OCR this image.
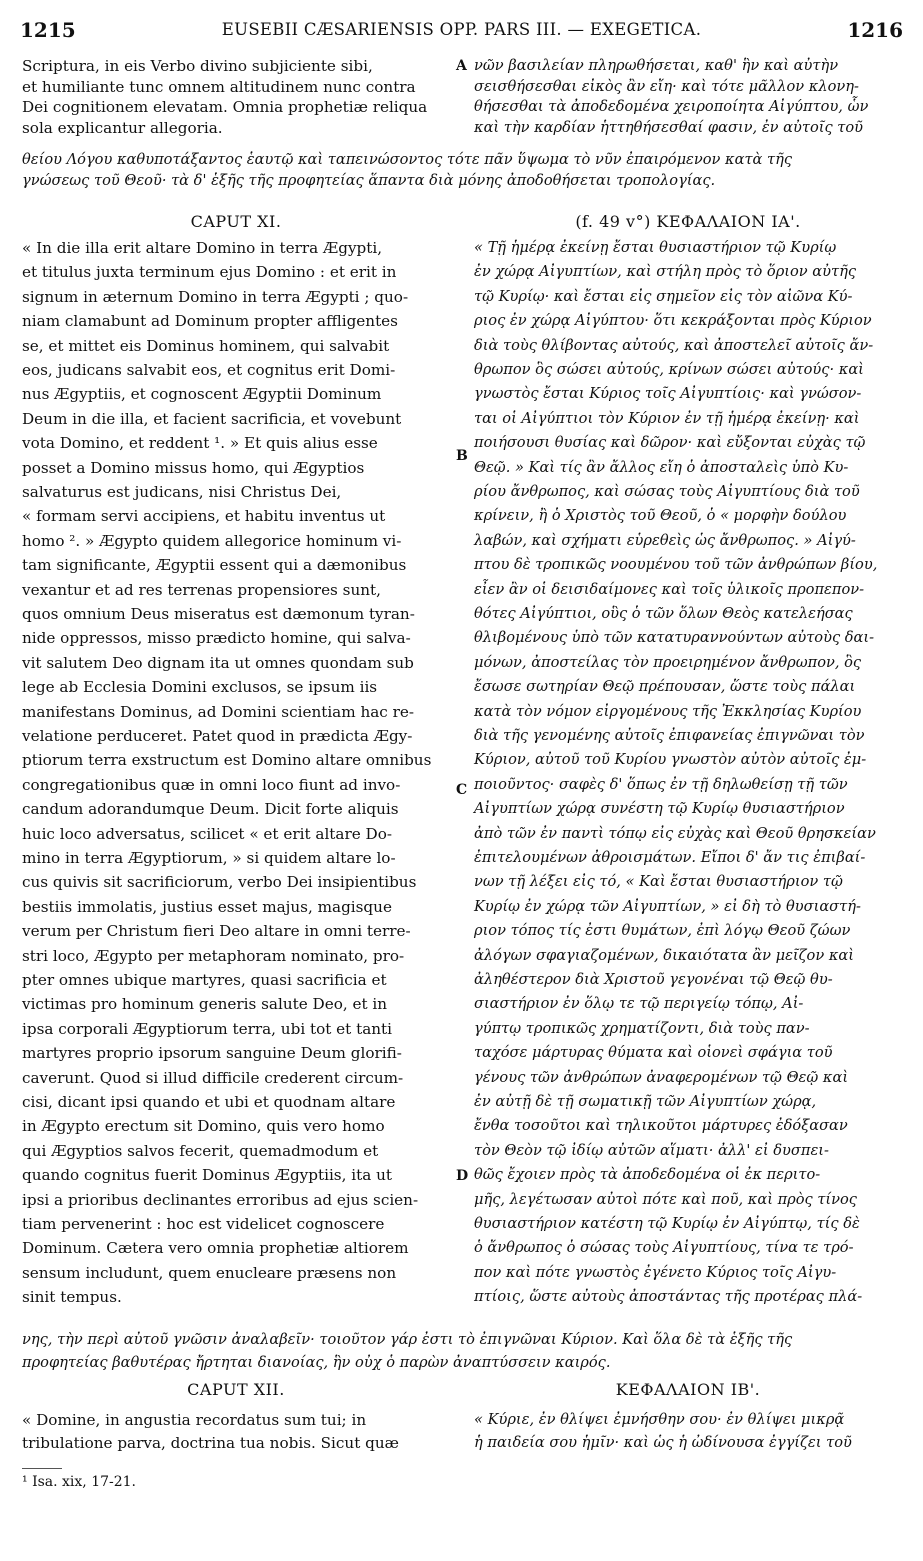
1215	EUSEBII CÆSARIENSIS OPP. PARS III. — EXEGETICA.	1216
Scriptura, in eis Verbo divino subjiciente sibi,
et humiliante tunc omnem altitudinem nunc contra
Dei cognitionem elevatam. Omnia prophetiæ reliqua
sola explicantur allegoria.
νῶν βασιλείαν πληρωθήσεται, καθ' ἣν καὶ αὐτὴν
σεισθήσεσθαι εἰκὸς ἂν εἴη· καὶ τότε μᾶλλον κλονη-
θήσεσθαι τὰ ἀποδεδομένα χειροποίητα Αἰγύπτου, ὧν
καὶ τὴν καρδίαν ἡττηθήσεσθαί φασιν, ἐν αὐτοῖς τοῦ
θείου Λόγου καθυποτάξαντος ἑαυτῷ καὶ ταπεινώσοντος τότε πᾶν ὕψωμα τὸ νῦν ἐπαιρόμενον κατὰ τῆς
γνώσεως τοῦ Θεοῦ· τὰ δ' ἑξῆς τῆς προφητείας ἅπαντα διὰ μόνης ἀποδοθήσεται τροπολογίας.
« In die illa erit altare Domino in terra Ægypti,
et titulus juxta terminum ejus Domino : et erit in
signum in æternum Domino in terra Ægypti ; quo-
niam clamabunt ad Dominum propter affligentes
se, et mittet eis Dominus hominem, qui salvabit
eos, judicans salvabit eos, et cognitus erit Domi-
nus Ægyptiis, et cognoscent Ægyptii Dominum
Deum in die illa, et facient sacrificia, et vovebunt
vota Domino, et reddent ¹. » Et quis alius esse
posset a Domino missus homo, qui Ægyptios
salvaturus est judicans, nisi Christus Dei,
« formam servi accipiens, et habitu inventus ut
homo ². » Ægypto quidem allegorice hominum vi-
tam significante, Ægyptii essent qui a dæmonibus
vexantur et ad res terrenas propensiores sunt,
quos omnium Deus miseratus est dæmonum tyran-
nide oppressos, misso prædicto homine, qui salva-
vit salutem Deo dignam ita ut omnes quondam sub
lege ab Ecclesia Domini exclusos, se ipsum iis
manifestans Dominus, ad Domini scientiam hac re-
velatione perduceret. Patet quod in prædicta Ægy-
ptiorum terra exstructum est Domino altare omnibus
congregationibus quæ in omni loco fiunt ad invo-
candum adorandumque Deum. Dicit forte aliquis
huic loco adversatus, scilicet « et erit altare Do-
mino in terra Ægyptiorum, » si quidem altare lo-
cus quivis sit sacrificiorum, verbo Dei insipientibus
bestiis immolatis, justius esset majus, magisque
verum per Christum fieri Deo altare in omni terre-
stri loco, Ægypto per metaphoram nominato, pro-
pter omnes ubique martyres, quasi sacrificia et
victimas pro hominum generis salute Deo, et in
ipsa corporali Ægyptiorum terra, ubi tot et tanti
martyres proprio ipsorum sanguine Deum glorifi-
caverunt. Quod si illud difficile crederent circum-
cisi, dicant ipsi quando et ubi et quodnam altare
in Ægypto erectum sit Domino, quis vero homo
qui Ægyptios salvos fecerit, quemadmodum et
quando cognitus fuerit Dominus Ægyptiis, ita ut
ipsi a prioribus declinantes erroribus ad ejus scien-
tiam pervenerint : hoc est videlicet cognoscere
Dominum. Cætera vero omnia prophetiæ altiorem
sensum includunt, quem enucleare præsens non
sinit tempus.
« Τῇ ἡμέρᾳ ἐκείνῃ ἔσται θυσιαστήριον τῷ Κυρίῳ
ἐν χώρᾳ Αἰγυπτίων, καὶ στήλη πρὸς τὸ ὅριον αὐτῆς
τῷ Κυρίῳ· καὶ ἔσται εἰς σημεῖον εἰς τὸν αἰῶνα Κύ-
ριος ἐν χώρᾳ Αἰγύπτου· ὅτι κεκράξονται πρὸς Κύριον
διὰ τοὺς θλίβοντας αὐτούς, καὶ ἀποστελεῖ αὐτοῖς ἄν-
θρωπον ὃς σώσει αὐτούς, κρίνων σώσει αὐτούς· καὶ
γνωστὸς ἔσται Κύριος τοῖς Αἰγυπτίοις· καὶ γνώσον-
ται οἱ Αἰγύπτιοι τὸν Κύριον ἐν τῇ ἡμέρᾳ ἐκείνῃ· καὶ
ποιήσουσι θυσίας καὶ δῶρον· καὶ εὔξονται εὐχὰς τῷ
Θεῷ. » Καὶ τίς ἂν ἄλλος εἴη ὁ ἀποσταλεὶς ὑπὸ Κυ-
ρίου ἄνθρωπος, καὶ σώσας τοὺς Αἰγυπτίους διὰ τοῦ
κρίνειν, ἢ ὁ Χριστὸς τοῦ Θεοῦ, ὁ « μορφὴν δούλου
λαβών, καὶ σχήματι εὑρεθεὶς ὡς ἄνθρωπος. » Αἰγύ-
πτου δὲ τροπικῶς νοουμένου τοῦ τῶν ἀνθρώπων βίου,
εἶεν ἂν οἱ δεισιδαίμονες καὶ τοῖς ὑλικοῖς προπεπον-
θότες Αἰγύπτιοι, οὓς ὁ τῶν ὅλων Θεὸς κατελεήσας
θλιβομένους ὑπὸ τῶν κατατυραννούντων αὐτοὺς δαι-
μόνων, ἀποστείλας τὸν προειρημένον ἄνθρωπον, ὃς
ἔσωσε σωτηρίαν Θεῷ πρέπουσαν, ὥστε τοὺς πάλαι
κατὰ τὸν νόμον εἰργομένους τῆς Ἐκκλησίας Κυρίου
διὰ τῆς γενομένης αὐτοῖς ἐπιφανείας ἐπιγνῶναι τὸν
Κύριον, αὐτοῦ τοῦ Κυρίου γνωστὸν αὐτὸν αὐτοῖς ἐμ-
ποιοῦντος· σαφὲς δ' ὅπως ἐν τῇ δηλωθείσῃ τῇ τῶν
Αἰγυπτίων χώρᾳ συνέστη τῷ Κυρίῳ θυσιαστήριον
ἀπὸ τῶν ἐν παντὶ τόπῳ εἰς εὐχὰς καὶ Θεοῦ θρησκείαν
ἐπιτελουμένων ἀθροισμάτων. Εἴποι δ' ἄν τις ἐπιβαί-
νων τῇ λέξει εἰς τό, « Καὶ ἔσται θυσιαστήριον τῷ
Κυρίῳ ἐν χώρᾳ τῶν Αἰγυπτίων, » εἰ δὴ τὸ θυσιαστή-
ριον τόπος τίς ἐστι θυμάτων, ἐπὶ λόγῳ Θεοῦ ζώων
ἀλόγων σφαγιαζομένων, δικαιότατα ἂν μεῖζον καὶ
ἀληθέστερον διὰ Χριστοῦ γεγονέναι τῷ Θεῷ θυ-
σιαστήριον ἐν ὅλῳ τε τῷ περιγείῳ τόπῳ, Αἰ-
γύπτῳ τροπικῶς χρηματίζοντι, διὰ τοὺς παν-
ταχόσε μάρτυρας θύματα καὶ οἱονεὶ σφάγια τοῦ
γένους τῶν ἀνθρώπων ἀναφερομένων τῷ Θεῷ καὶ
ἐν αὐτῇ δὲ τῇ σωματικῇ τῶν Αἰγυπτίων χώρᾳ,
ἔνθα τοσοῦτοι καὶ τηλικοῦτοι μάρτυρες ἐδόξασαν
τὸν Θεὸν τῷ ἰδίῳ αὐτῶν αἵματι· ἀλλ' εἰ δυσπει-
θῶς ἔχοιεν πρὸς τὰ ἀποδεδομένα οἱ ἐκ περιτο-
μῆς, λεγέτωσαν αὐτοὶ πότε καὶ ποῦ, καὶ πρὸς τίνος
θυσιαστήριον κατέστη τῷ Κυρίῳ ἐν Αἰγύπτῳ, τίς δὲ
ὁ ἄνθρωπος ὁ σώσας τοὺς Αἰγυπτίους, τίνα τε τρό-
πον καὶ πότε γνωστὸς ἐγένετο Κύριος τοῖς Αἰγυ-
πτίοις, ὥστε αὐτοὺς ἀποστάντας τῆς προτέρας πλά-
νης, τὴν περὶ αὐτοῦ γνῶσιν ἀναλαβεῖν· τοιοῦτον γάρ ἐστι τὸ ἐπιγνῶναι Κύριον. Καὶ ὅλα δὲ τὰ ἑξῆς τῆς
προφητείας βαθυτέρας ἤρτηται διανοίας, ἣν οὐχ ὁ παρὼν ἀναπτύσσειν καιρός.
« Domine, in angustia recordatus sum tui; in
tribulatione parva, doctrina tua nobis. Sicut quæ
« Κύριε, ἐν θλίψει ἐμνήσθην σου· ἐν θλίψει μικρᾷ
ἡ παιδεία σου ἡμῖν· καὶ ὡς ἡ ὠδίνουσα ἐγγίζει τοῦ
CAPUT XI.	(f. 49 v°) ΚΕΦΑΛΑΙΟΝ ΙΑ'.
CAPUT XII.	ΚΕΦΑΛΑΙΟΝ ΙΒ'.
A
B
C
D
¹ Isa. xix, 17-21.
